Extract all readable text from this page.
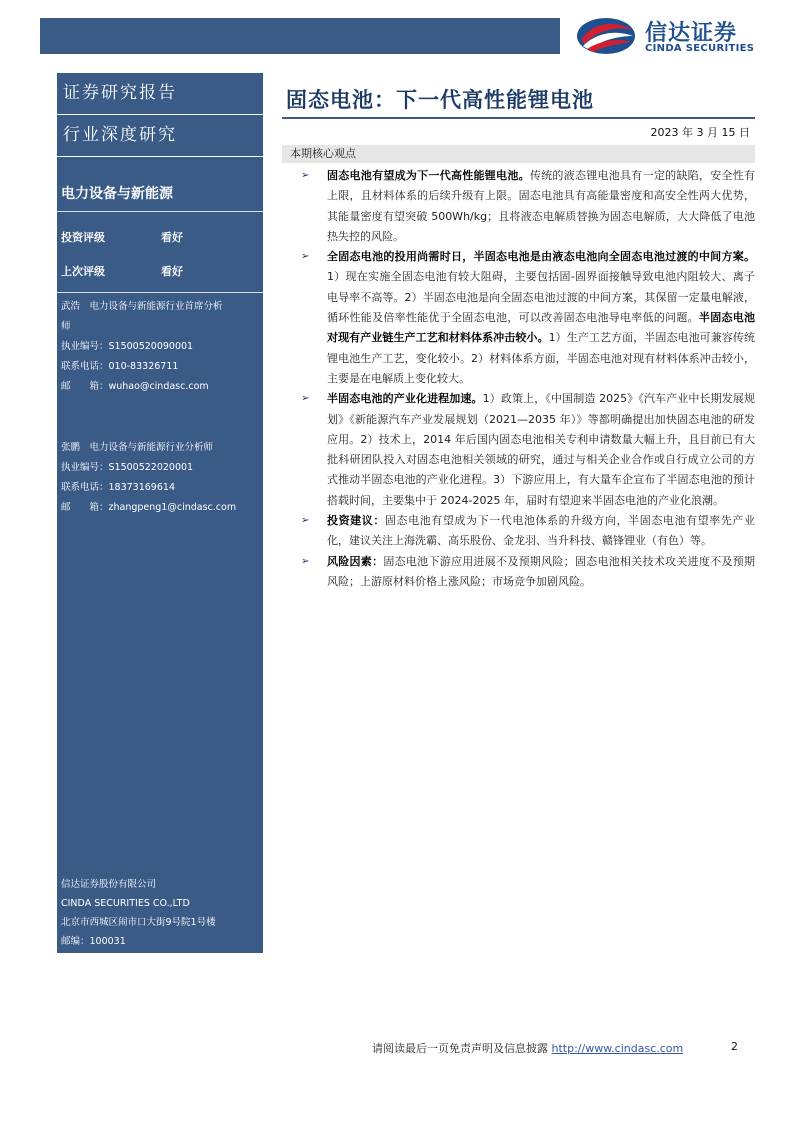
信达证券
CINDA SECURITIES
证券研究报告
行业深度研究
电力设备与新能源
投资评级	看好
上次评级	看好
武浩　电力设备与新能源行业首席分析
师
执业编号：S1500520090001
联系电话：010-83326711
邮　　箱：wuhao@cindasc.com
张鹏　电力设备与新能源行业分析师
执业编号：S1500522020001
联系电话：18373169614
邮　　箱：zhangpeng1@cindasc.com
信达证券股份有限公司
CINDA SECURITIES CO.,LTD
北京市西城区闹市口大街9号院1号楼
邮编：100031
固态电池：下一代高性能锂电池
2023 年 3 月 15 日
本期核心观点
➢ 固态电池有望成为下一代高性能锂电池。传统的液态锂电池具有一定的缺陷，安全性有上限，且材料体系的后续升级有上限。固态电池具有高能量密度和高安全性两大优势，其能量密度有望突破 500Wh/kg；且将液态电解质替换为固态电解质，大大降低了电池热失控的风险。
➢ 全固态电池的投用尚需时日，半固态电池是由液态电池向全固态电池过渡的中间方案。1）现在实施全固态电池有较大阻碍，主要包括固-固界面接触导致电池内阻较大、离子电导率不高等。2）半固态电池是向全固态电池过渡的中间方案，其保留一定量电解液，循环性能及倍率性能优于全固态电池，可以改善固态电池导电率低的问题。半固态电池对现有产业链生产工艺和材料体系冲击较小。1）生产工艺方面，半固态电池可兼容传统锂电池生产工艺，变化较小。2）材料体系方面，半固态电池对现有材料体系冲击较小，主要是在电解质上变化较大。
➢ 半固态电池的产业化进程加速。1）政策上，《中国制造 2025》《汽车产业中长期发展规划》《新能源汽车产业发展规划（2021—2035 年）》等都明确提出加快固态电池的研发应用。2）技术上，2014 年后国内固态电池相关专利申请数量大幅上升，且目前已有大批科研团队投入对固态电池相关领域的研究，通过与相关企业合作或自行成立公司的方式推动半固态电池的产业化进程。3）下游应用上，有大量车企宣布了半固态电池的预计搭载时间，主要集中于 2024-2025 年，届时有望迎来半固态电池的产业化浪潮。
➢ 投资建议：固态电池有望成为下一代电池体系的升级方向，半固态电池有望率先产业化，建议关注上海洗霸、高乐股份、金龙羽、当升科技、赣锋锂业（有色）等。
➢ 风险因素：固态电池下游应用进展不及预期风险；固态电池相关技术攻关进度不及预期风险；上游原材料价格上涨风险；市场竞争加剧风险。
请阅读最后一页免责声明及信息披露 http://www.cindasc.com	2
